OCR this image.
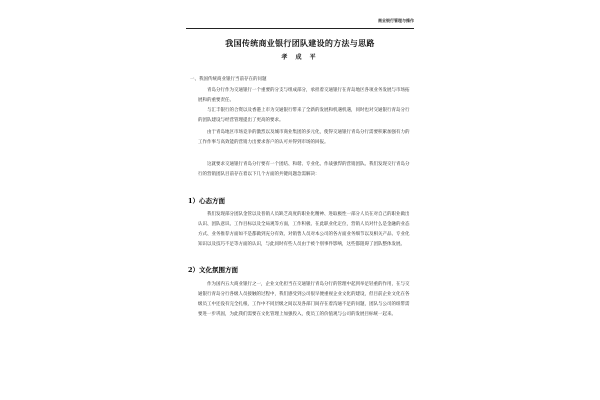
商业银行管理与操作
我国传统商业银行团队建设的方法与思路
孝 成 平
一、我国传统商业银行当前存在的问题

青岛分行作为交通银行一个重要的分支与组成部分，承担着交通银行在青岛地区各项业务发展与市场拓展和的重要责任。

与汇丰银行的合资以及香港上市为交通银行带来了全新的发展和机遇机遇，同时也对交通银行青岛分行的团队建设与经营管理提出了更高的要求。

由于青岛地区市场竞争的激烈以及城市商业集团的多元化，使得交通银行青岛分行需要积累加强有力的工作作事与高效能的营销力出要求客户的认可并得到市场的回报。

这就要求交通银行青岛分行要有一个团结、和谐、专业化、作战强悍的营销团队。我们发现交行青岛分行的营销团队目前存在着以下几个方面的共键问题急需解决：

1）心态方面

我们发现部分团队金管以及普销人员缺乏高度的职业化精神、进取极性一部分人员在对自己的职业做出认识、团队意识、工作目标以及全局观等方面，工作积极、在此职业化定位，营销人员对什么是金融的业态方式、业务推荐方面如不是都做到充分有效、对销售人员对本公司的各方面业务细节以及相关产品、专业化知识以及技巧不足等方面的认识，与此同时有些人员由于被个别事件影响，这些都阻碍了团队整体发展。

2）文化氛围方面

作为国内五大商业银行之一，企业文化担当在交通银行青岛分行的管理中起到举足轻重的作用，在与交通银行青岛分行各级人员接触的过程中，我们感受到公司很早便重视企业文化的建设，但目前企业文化在各级员工中还没有完全扎根，工作中不同层级之间以及各部门间存在着沟通不足的问题，团队与公司的纽带需要进一步巩固，为此我们需要在文化管理上加强投入，使员工的价值观与公司的发展目标统一起来。
